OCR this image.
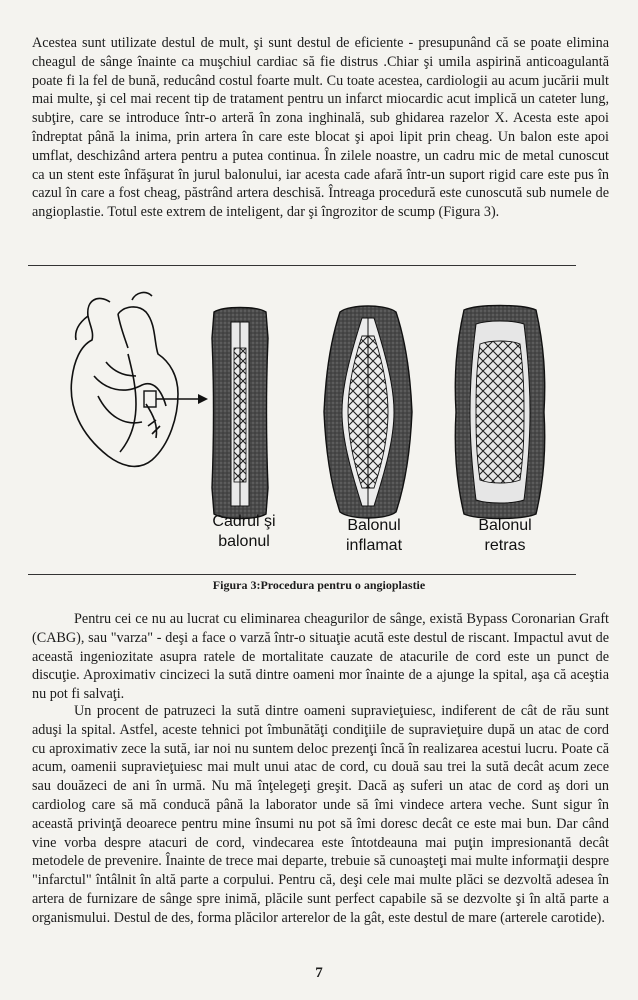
Acestea sunt utilizate destul de mult, şi sunt destul de eficiente - presupunând că se poate elimina cheagul de sânge înainte ca muşchiul cardiac să fie distrus .Chiar şi umila aspirină anticoagulantă poate fi la fel de bună, reducând costul foarte mult. Cu toate acestea, cardiologii au acum jucării mult mai multe, şi cel mai recent tip de tratament pentru un infarct miocardic acut implică un cateter lung, subţire, care se introduce într-o arteră în zona inghinală, sub ghidarea razelor X. Acesta este apoi îndreptat până la inima, prin artera în care este blocat şi apoi lipit prin cheag. Un balon este apoi umflat, deschizând artera pentru a putea continua. În zilele noastre, un cadru mic de metal cunoscut ca un stent este înfăşurat în jurul balonului, iar acesta cade afară într-un suport rigid care este pus în cazul în care a fost cheag, păstrând artera deschisă. Întreaga procedură este cunoscută sub numele de angioplastie. Totul este extrem de inteligent, dar şi îngrozitor de scump (Figura 3).

Cadrul şi
balonul
Balonul
inflamat
Balonul
retras
Figura 3:Procedura pentru o angioplastie

Pentru cei ce nu au lucrat cu eliminarea cheagurilor de sânge, există Bypass Coronarian Graft (CABG), sau "varza" - deşi a face o varză într-o situaţie acută este destul de riscant. Impactul avut de această ingeniozitate asupra ratele de mortalitate cauzate de atacurile de cord este un punct de discuţie. Aproximativ cincizeci la sută dintre oameni mor înainte de a ajunge la spital, aşa că aceştia nu pot fi salvaţi.

Un procent de patruzeci la sută dintre oameni supravieţuiesc, indiferent de cât de rău sunt aduşi la spital. Astfel, aceste tehnici pot îmbunătăţi condiţiile de supravieţuire după un atac de cord cu aproximativ zece la sută, iar noi nu suntem deloc prezenţi încă în realizarea acestui lucru. Poate că acum, oamenii supravieţuiesc mai mult unui atac de cord, cu două sau trei la sută decât acum zece sau douăzeci de ani în urmă. Nu mă înţelegeţi greşit. Dacă aş suferi un atac de cord aş dori un cardiolog care să mă conducă până la laborator unde să îmi vindece artera veche. Sunt sigur în această privinţă deoarece pentru mine însumi nu pot să îmi doresc decât ce este mai bun. Dar când vine vorba despre atacuri de cord, vindecarea este întotdeauna mai puţin impresionantă decât metodele de prevenire. Înainte de trece mai departe, trebuie să cunoaşteţi mai multe informaţii despre "infarctul" întâlnit în altă parte a corpului. Pentru că, deşi cele mai multe plăci se dezvoltă adesea în artera de furnizare de sânge spre inimă, plăcile sunt perfect capabile să se dezvolte şi în altă parte a organismului. Destul de des, forma plăcilor arterelor de la gât, este destul de mare (arterele carotide).

7
